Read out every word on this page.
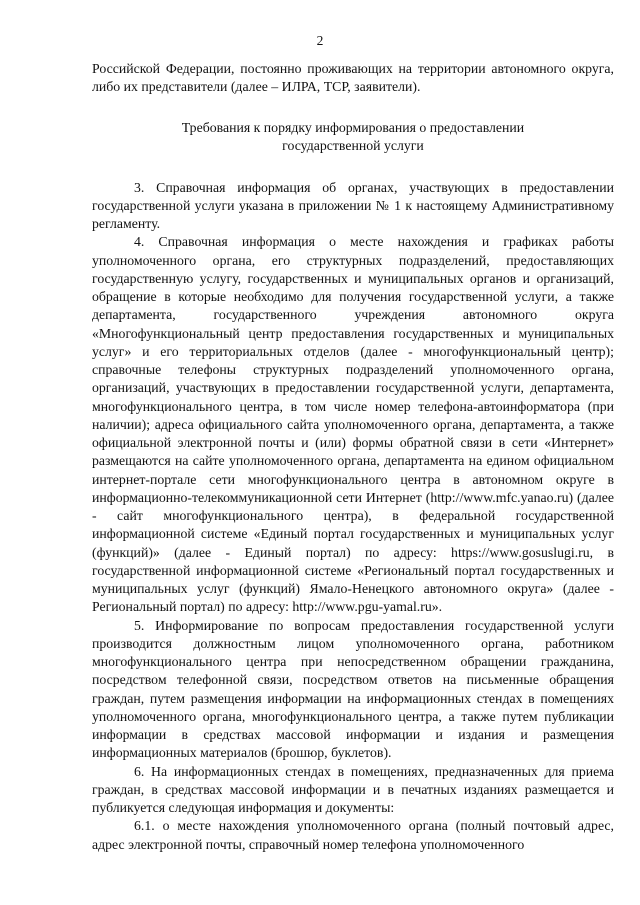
2

Российской Федерации, постоянно проживающих на территории автономного округа, либо их представители (далее – ИЛРА, ТСР, заявители).

Требования к порядку информирования о предоставлении
государственной услуги

3. Справочная информация об органах, участвующих в предоставлении государственной услуги указана в приложении № 1 к настоящему Административному регламенту.

4. Справочная информация о месте нахождения и графиках работы уполномоченного органа, его структурных подразделений, предоставляющих государственную услугу, государственных и муниципальных органов и организаций, обращение в которые необходимо для получения государственной услуги, а также департамента, государственного учреждения автономного округа «Многофункциональный центр предоставления государственных и муниципальных услуг» и его территориальных отделов (далее - многофункциональный центр); справочные телефоны структурных подразделений уполномоченного органа, организаций, участвующих в предоставлении государственной услуги, департамента, многофункционального центра, в том числе номер телефона-автоинформатора (при наличии); адреса официального сайта уполномоченного органа, департамента, а также официальной электронной почты и (или) формы обратной связи в сети «Интернет» размещаются на сайте уполномоченного органа, департамента на едином официальном интернет-портале сети многофункционального центра в автономном округе в информационно-телекоммуникационной сети Интернет (http://www.mfc.yanao.ru) (далее - сайт многофункционального центра), в федеральной государственной информационной системе «Единый портал государственных и муниципальных услуг (функций)» (далее - Единый портал) по адресу: https://www.gosuslugi.ru, в государственной информационной системе «Региональный портал государственных и муниципальных услуг (функций) Ямало-Ненецкого автономного округа» (далее - Региональный портал) по адресу: http://www.pgu-yamal.ru».

5. Информирование по вопросам предоставления государственной услуги производится должностным лицом уполномоченного органа, работником многофункционального центра при непосредственном обращении гражданина, посредством телефонной связи, посредством ответов на письменные обращения граждан, путем размещения информации на информационных стендах в помещениях уполномоченного органа, многофункционального центра, а также путем публикации информации в средствах массовой информации и издания и размещения информационных материалов (брошюр, буклетов).

6. На информационных стендах в помещениях, предназначенных для приема граждан, в средствах массовой информации и в печатных изданиях размещается и публикуется следующая информация и документы:

6.1. о месте нахождения уполномоченного органа (полный почтовый адрес, адрес электронной почты, справочный номер телефона уполномоченного
